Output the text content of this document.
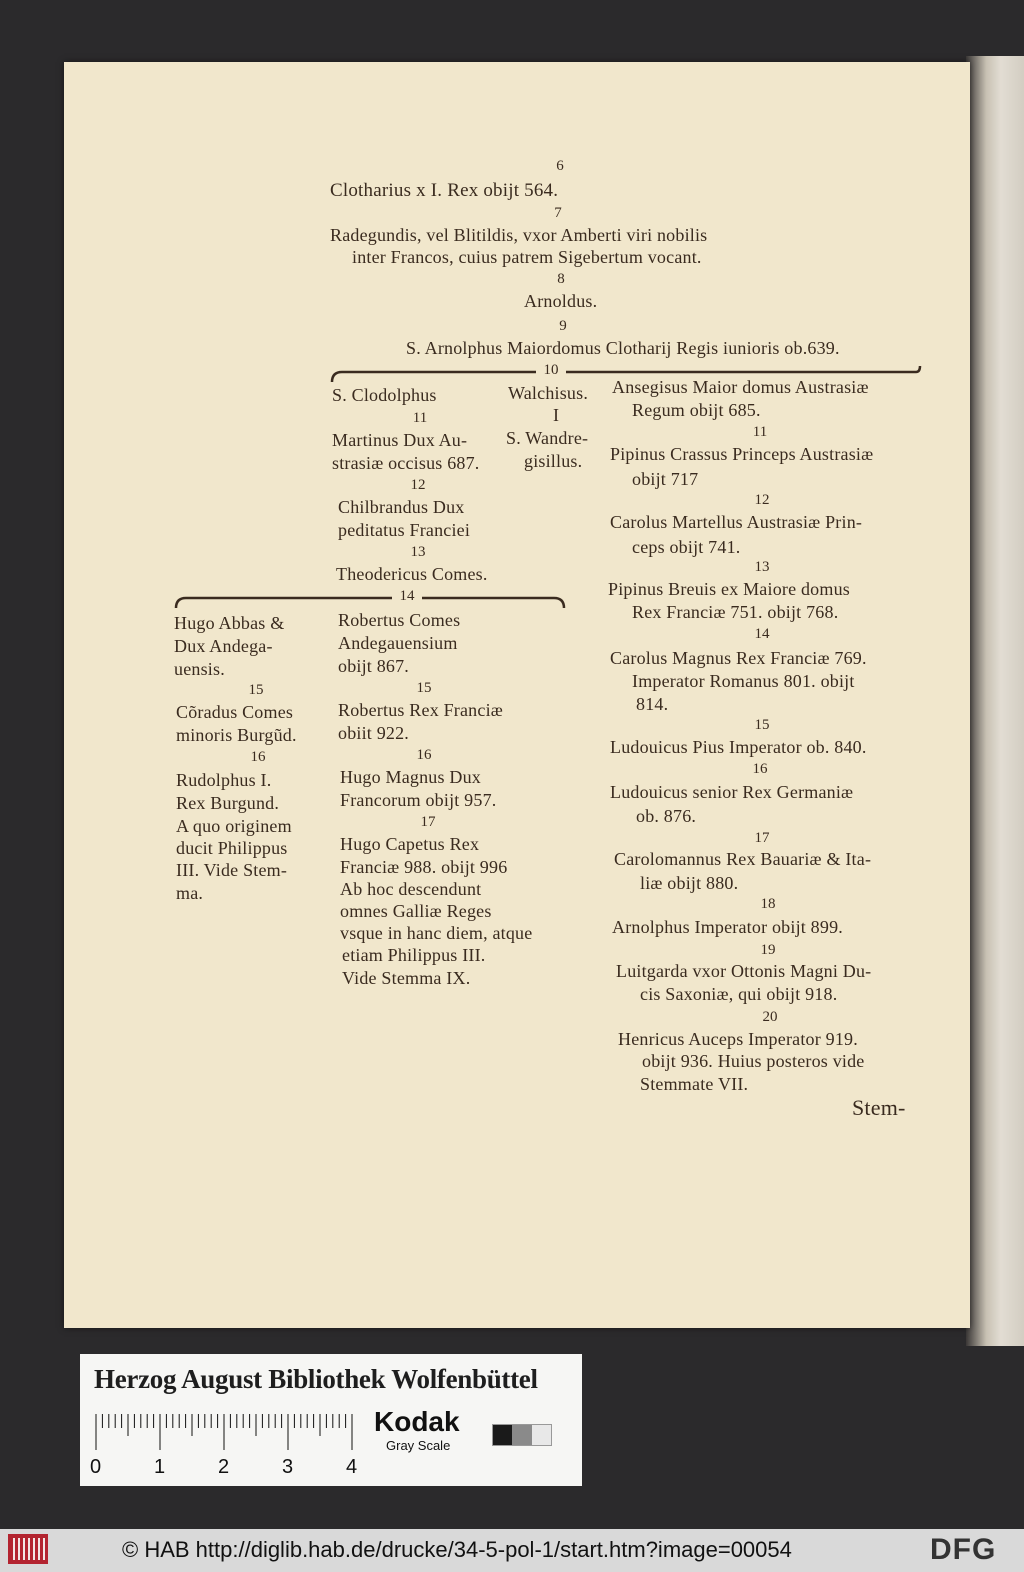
6
Clotharius x I. Rex obijt 564.
7
Radegundis, vel Blitildis, vxor Amberti viri nobilis
inter Francos, cuius patrem Sigebertum vocant.
8
Arnoldus.
9
S. Arnolphus Maiordomus Clotharij Regis iunioris ob.639.
10
S. Clodolphus
11
Martinus Dux Au-
strasiæ occisus 687.
12
Chilbrandus Dux
peditatus Franciei
13
Theodericus Comes.
Walchisus.
I
S. Wandre-
gisillus.
Ansegisus Maior domus Austrasiæ
Regum obijt 685.
11
Pipinus Crassus Princeps Austrasiæ
obijt 717
12
Carolus Martellus Austrasiæ Prin-
ceps obijt 741.
13
Pipinus Breuis ex Maiore domus
Rex Franciæ 751. obijt 768.
14
Carolus Magnus Rex Franciæ 769.
Imperator Romanus 801. obijt
814.
15
Ludouicus Pius Imperator ob. 840.
16
Ludouicus senior Rex Germaniæ
ob. 876.
17
Carolomannus Rex Bauariæ & Ita-
liæ obijt 880.
18
Arnolphus Imperator obijt 899.
19
Luitgarda vxor Ottonis Magni Du-
cis Saxoniæ, qui obijt 918.
20
Henricus Auceps Imperator 919.
obijt 936. Huius posteros vide
Stemmate VII.
Stem-
14
Hugo Abbas &
Dux Andega-
uensis.
15
Cõradus Comes
minoris Burgũd.
16
Rudolphus I.
Rex Burgund.
A quo originem
ducit Philippus
III. Vide Stem-
ma.
Robertus Comes
Andegauensium
obijt 867.
15
Robertus Rex Franciæ
obiit 922.
16
Hugo Magnus Dux
Francorum obijt 957.
17
Hugo Capetus Rex
Franciæ 988. obijt 996
Ab hoc descendunt
omnes Galliæ Reges
vsque in hanc diem, atque
etiam Philippus III.
Vide Stemma IX.
Herzog August Bibliothek Wolfenbüttel
0	1	2	3	4
Kodak
Gray Scale
© HAB http://diglib.hab.de/drucke/34-5-pol-1/start.htm?image=00054	DFG
